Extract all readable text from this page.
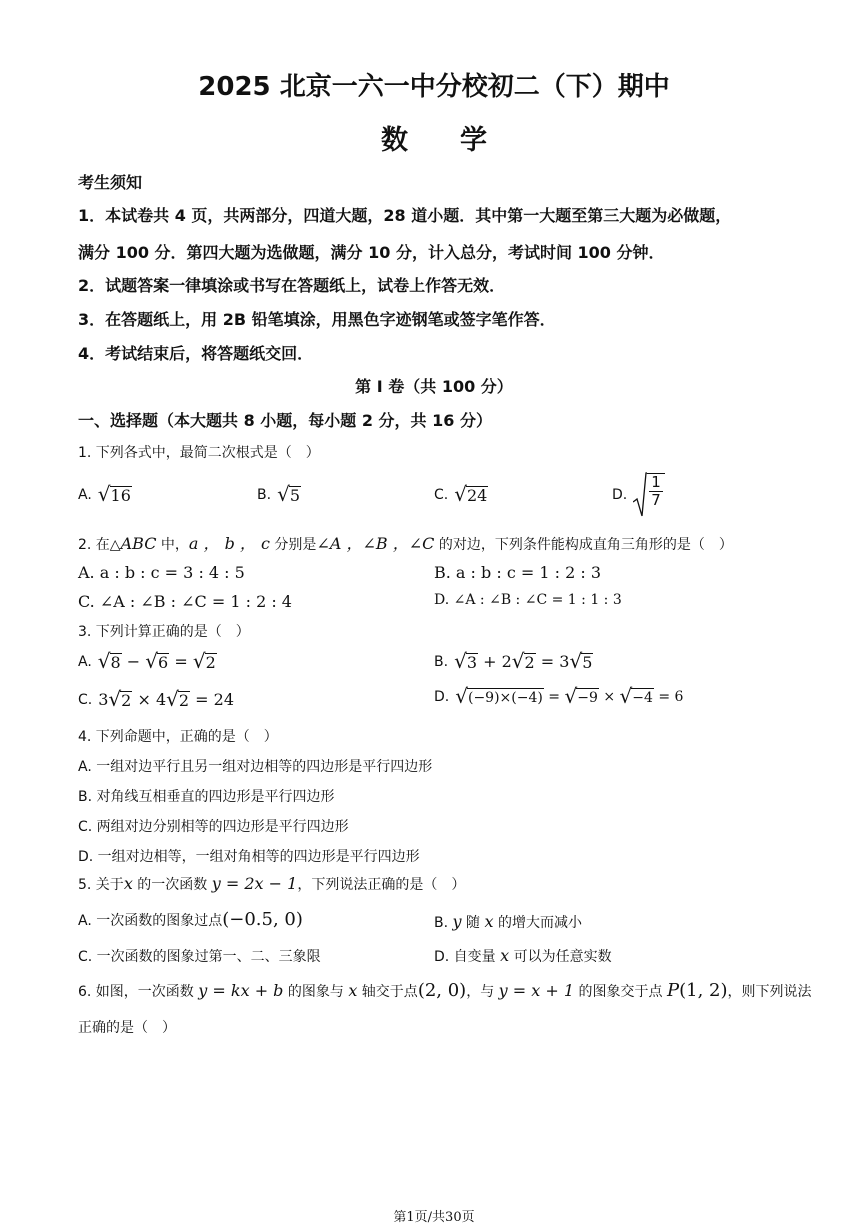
2025 北京一六一中分校初二（下）期中
数学
考生须知
1．本试卷共 4 页，共两部分，四道大题，28 道小题．其中第一大题至第三大题为必做题，
满分 100 分．第四大题为选做题，满分 10 分，计入总分，考试时间 100 分钟．
2．试题答案一律填涂或书写在答题纸上，试卷上作答无效．
3．在答题纸上，用 2B 铅笔填涂，用黑色字迹钢笔或签字笔作答．
4．考试结束后，将答题纸交回．
第 I 卷（共 100 分）
一、选择题（本大题共 8 小题，每小题 2 分，共 16 分）
1. 下列各式中，最简二次根式是（　）
A. √ 16	B. √ 5	C. √ 24	D. $\frac{1}{7}$
2. 在△ABC 中，a ， b ， c 分别是∠A ，∠B ，∠C 的对边，下列条件能构成直角三角形的是（　）
A. a : b : c = 3 : 4 : 5	B. a : b : c = 1 : 2 : 3
C. ∠A : ∠B : ∠C = 1 : 2 : 4	D. ∠A : ∠B : ∠C = 1 : 1 : 3
3. 下列计算正确的是（　）
A. √ 8 − √ 6 = √ 2	B. √ 3 + 2 √ 2 = 3 √ 5
C. 3 √ 2 × 4 √ 2 = 24	D. √ (−9)×(−4) = √ −9 × √ −4 = 6
4. 下列命题中，正确的是（　）
A. 一组对边平行且另一组对边相等的四边形是平行四边形
B. 对角线互相垂直的四边形是平行四边形
C. 两组对边分别相等的四边形是平行四边形
D. 一组对边相等，一组对角相等的四边形是平行四边形
5. 关于x 的一次函数 y = 2x − 1，下列说法正确的是（　）
A. 一次函数的图象过点(−0.5, 0)	B. y 随 x 的增大而减小
C. 一次函数的图象过第一、二、三象限	D. 自变量 x 可以为任意实数
6. 如图，一次函数 y = kx + b 的图象与 x 轴交于点(2, 0)，与 y = x + 1 的图象交于点 P(1, 2)，则下列说法
正确的是（　）
第1页/共30页
